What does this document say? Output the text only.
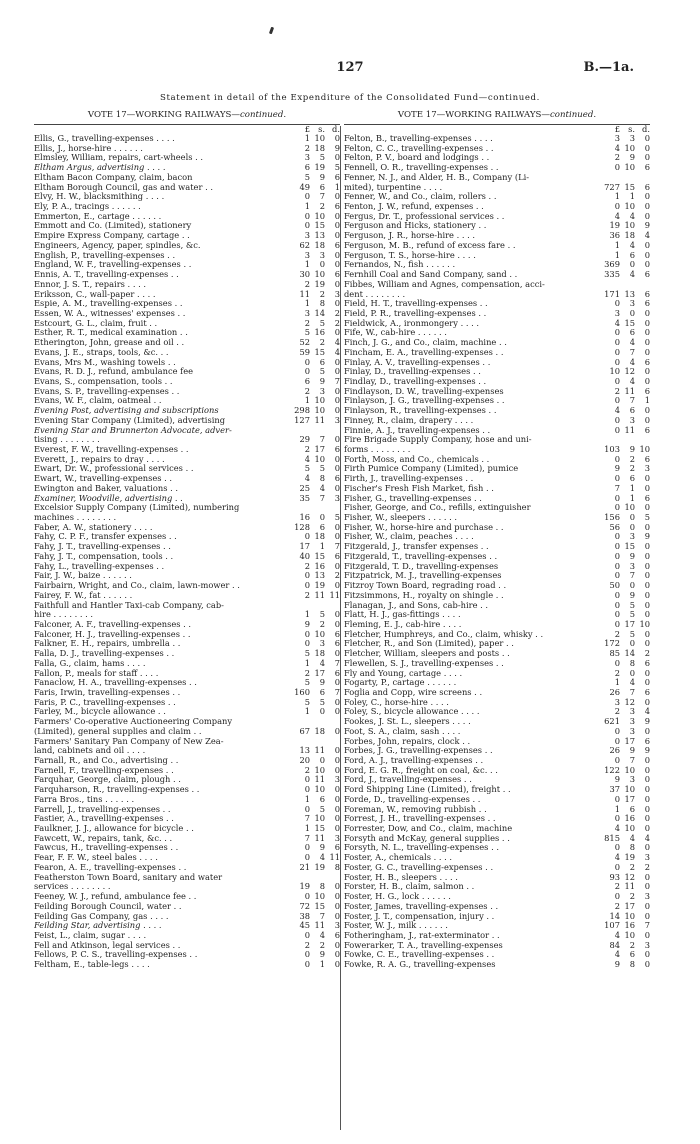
127	B.—1a.
Statement in detail of the Expenditure of the Consolidated Fund—continued.
VOTE 17—WORKING RAILWAYS—continued.
£ s. d.
Ellis, G., travelling-expenses . . . .	1 10	0
Ellis, J., horse-hire . . . . . .	2 18	9
Elmsley, William, repairs, cart-wheels . .	3	5	0
Eltham Argus, advertising . . . .	6 19	5
Eltham Bacon Company, claim, bacon	5	9	6
Eltham Borough Council, gas and water . .	49	6	1
Elvy, H. W., blacksmithing . . . .	0	7	0
Ely, P. A., tracings . . . . . .	1	2	6
Emmerton, E., cartage . . . . . .	0 10	0
Emmott and Co. (Limited), stationery	0 15	0
Empire Express Company, cartage . .	3 13	0
Engineers, Agency, paper, spindles, &c.	62 18	6
English, P., travelling-expenses . .	3	3	0
England, W. F., travelling-expenses . .	1	0	0
Ennis, A. T., travelling-expenses . .	30 10	6
Ennor, J. S. T., repairs . . . .	2 19	0
Eriksson, C., wall-paper . . . .	11	2	3
Espie, A. M., travelling-expenses . .	1	8	0
Essen, W. A., witnesses' expenses . .	3 14	2
Estcourt, G. L., claim, fruit . .	2	5	2
Esther, R. T., medical examination . .	5 16	0
Etherington, John, grease and oil . .	52	2	4
Evans, J. E., straps, tools, &c. . .	59 15	4
Evans, Mrs M., washing towels . .	0	6	0
Evans, R. D. J., refund, ambulance fee	0	5	0
Evans, S., compensation, tools . .	6	9	7
Evans, S. P., travelling-expenses . .	2	3	0
Evans, W. F., claim, oatmeal . .	1 10	0
Evening Post, advertising and subscriptions	298 10	0
Evening Star Company (Limited), advertising	127 11	3
Evening Star and Brunnerton Advocate, adver-
tising . . . . . . . .	29	7	0
Everest, F. W., travelling-expenses . .	2 17	6
Everett, J., repairs to dray . . . .	4 10	0
Ewart, Dr. W., professional services . .	5	5	0
Ewart, W., travelling-expenses . .	4	8	6
Ewington and Baker, valuations . .	25	4	0
Examiner, Woodville, advertising . .	35	7	3
Excelsior Supply Company (Limited), numbering
machines . . . . . . . .	16	0	5
Faber, A. W., stationery . . . .	128	6	0
Fahy, C. P. F., transfer expenses . .	0 18	0
Fahy, J. T., travelling-expenses . .	17	1	7
Fahy, J. T., compensation, tools . .	40 15	6
Fahy, L., travelling-expenses . .	2 16	0
Fair, J. W., baize . . . . . .	0 13	2
Fairbairn, Wright, and Co., claim, lawn-mower . .	0 19	0
Fairey, F. W., fat . . . . . .	2 11 11
Faithfull and Hantler Taxi-cab Company, cab-
hire . . . . . . . .	1	5	0
Falconer, A. F., travelling-expenses . .	9	2	0
Falconer, H. J., travelling-expenses . .	0 10	6
Falkner, E. H., repairs, umbrella . .	0	3	6
Falla, D. J., travelling-expenses . .	5 18	0
Falla, G., claim, hams . . . .	1	4	7
Fallon, P., meals for staff . . . .	2 17	6
Fanaclow, H. A., travelling-expenses . .	5	9	0
Faris, Irwin, travelling-expenses . .	160	6	7
Faris, P. C., travelling-expenses . .	5	5	0
Farley, M., bicycle allowance . .	1	0	0
Farmers' Co-operative Auctioneering Company
(Limited), general supplies and claim . .	67 18	0
Farmers' Sanitary Pan Company of New Zea-
land, cabinets and oil . . . .	13 11	0
Farnall, R., and Co., advertising . .	20	0	0
Farnell, F., travelling-expenses . .	2 10	0
Farquhar, George, claim, plough . .	0 11	3
Farquharson, R., travelling-expenses . .	0 10	0
Farra Bros., tins . . . . . .	1	6	0
Farrell, J., travelling-expenses . .	0	5	0
Fastier, A., travelling-expenses . .	7 10	0
Faulkner, J. J., allowance for bicycle . .	1 15	0
Fawcett, W., repairs, tank, &c. . .	7 11	3
Fawcus, H., travelling-expenses . .	0	9	6
Fear, F. F. W., steel bales . . . .	0	4 11
Fearon, A. E., travelling-expenses . .	21 19	8
Featherston Town Board, sanitary and water
services . . . . . . . .	19	8	0
Feeney, W. J., refund, ambulance fee . .	0 10	0
Feilding Borough Council, water . .	72 15	0
Feilding Gas Company, gas . . . .	38	7	0
Feilding Star, advertising . . . .	45 11	3
Feist, L., claim, sugar . . . .	0	4	6
Fell and Atkinson, legal services . .	2	2	0
Fellows, P. C. S., travelling-expenses . .	0	9	0
Feltham, E., table-legs . . . .	0	1	0
VOTE 17—WORKING RAILWAYS—continued.
£ s. d.
Felton, B., travelling-expenses . . . .	3	3	0
Felton, C. C., travelling-expenses . .	4 10	0
Felton, P. V., board and lodgings . .	2	9	0
Fennell, O. R., travelling-expenses . .	0 10	6
Fenner, N. J., and Alder, H. B., Company (Li-
mited), turpentine . . . .	727 15	6
Fenner, W., and Co., claim, rollers . .	1	1	0
Fenton, J. W., refund, expenses . .	0 10	0
Fergus, Dr. T., professional services . .	4	4	0
Ferguson and Hicks, stationery . .	19 10	9
Ferguson, J. R., horse-hire . . . .	36 18	4
Ferguson, M. B., refund of excess fare . .	1	4	0
Ferguson, T. S., horse-hire . . . .	1	6	0
Fernandos, N., fish . . . . . .	369	0	0
Fernhill Coal and Sand Company, sand . .	335	4	6
Fibbes, William and Agnes, compensation, acci-
dent . . . . . . . .	171 13	6
Field, H. T., travelling-expenses . .	0	3	6
Field, P. R., travelling-expenses . .	3	0	0
Fieldwick, A., ironmongery . . . .	4 15	0
Fife, W., cab-hire . . . . . .	0	6	0
Finch, J. G., and Co., claim, machine . .	0	4	0
Fincham, E. A., travelling-expenses . .	0	7	0
Finlay, A. V., travelling-expenses . .	0	4	6
Finlay, D., travelling-expenses . .	10 12	0
Findlay, D., travelling-expenses . .	0	4	0
Findlayson, D. W., travelling-expenses	2 11	6
Finlayson, J. G., travelling-expenses . .	0	7	1
Finlayson, R., travelling-expenses . .	4	6	0
Finney, R., claim, drapery . . . .	0	3	0
Finnie, A. J., travelling-expenses . .	0 11	6
Fire Brigade Supply Company, hose and uni-
forms . . . . . . . .	103	9 10
Forth, Moss, and Co., chemicals . .	0	2	6
Firth Pumice Company (Limited), pumice	9	2	3
Firth, J., travelling-expenses . .	0	6	0
Fischer's Fresh Fish Market, fish . .	7	1	0
Fisher, G., travelling-expenses . .	0	1	6
Fisher, George, and Co., refills, extinguisher	0 10	0
Fisher, W., sleepers . . . . . .	156	0	5
Fisher, W., horse-hire and purchase . .	56	0	0
Fisher, W., claim, peaches . . . .	0	3	9
Fitzgerald, J., transfer expenses . .	0 15	0
Fitzgerald, T., travelling-expenses . .	0	9	0
Fitzgerald, T. D., travelling-expenses	0	3	0
Fitzpatrick, M. J., travelling-expenses	0	7	0
Fitzroy Town Board, regrading road . .	50	0	0
Fitzsimmons, H., royalty on shingle . .	0	9	0
Flanagan, J., and Sons, cab-hire . .	0	5	0
Flatt, H. J., gas-fittings . . . .	0	5	0
Fleming, E. J., cab-hire . . . .	0 17 10
Fletcher, Humphreys, and Co., claim, whisky . .	2	5	0
Fletcher, R., and Son (Limited), paper . .	172	0	0
Fletcher, William, sleepers and posts . .	85 14	2
Flewellen, S. J., travelling-expenses . .	0	8	6
Fly and Young, cartage . . . .	2	0	0
Fogarty, P., cartage . . . . . .	1	4	0
Foglia and Copp, wire screens . .	26	7	6
Foley, C., horse-hire . . . .	3 12	0
Foley, S., bicycle allowance . . . .	2	3	4
Fookes, J. St. L., sleepers . . . .	621	3	9
Foot, S. A., claim, sash . . . .	0	3	0
Forbes, John, repairs, clock . .	0 17	6
Forbes, J. G., travelling-expenses . .	26	9	9
Ford, A. J., travelling-expenses . .	0	7	0
Ford, E. G. R., freight on coal, &c. . .	122 10	0
Ford, J., travelling-expenses . .	9	3	0
Ford Shipping Line (Limited), freight . .	37 10	0
Forde, D., travelling-expenses . .	0 17	0
Foreman, W., removing rubbish . .	1	6	0
Forrest, J. H., travelling-expenses . .	0 16	0
Forrester, Dow, and Co., claim, machine	4 10	0
Forsyth and McKay, general supplies . .	815	4	4
Forsyth, N. L., travelling-expenses . .	0	8	0
Foster, A., chemicals . . . .	4 19	3
Foster, G. C., travelling-expenses . .	0	2	2
Foster, H. B., sleepers . . . .	93 12	0
Forster, H. B., claim, salmon . .	2 11	0
Foster, H. G., lock . . . . . .	0	2	3
Foster, James, travelling-expenses . .	2 17	0
Foster, J. T., compensation, injury . .	14 10	0
Foster, W. J., milk . . . . . .	107 16	7
Fotheringham, J., rat-exterminator . .	4 10	0
Fowerarker, T. A., travelling-expenses	84	2	3
Fowke, C. E., travelling-expenses . .	4	6	0
Fowke, R. A. G., travelling-expenses	9	8	0
